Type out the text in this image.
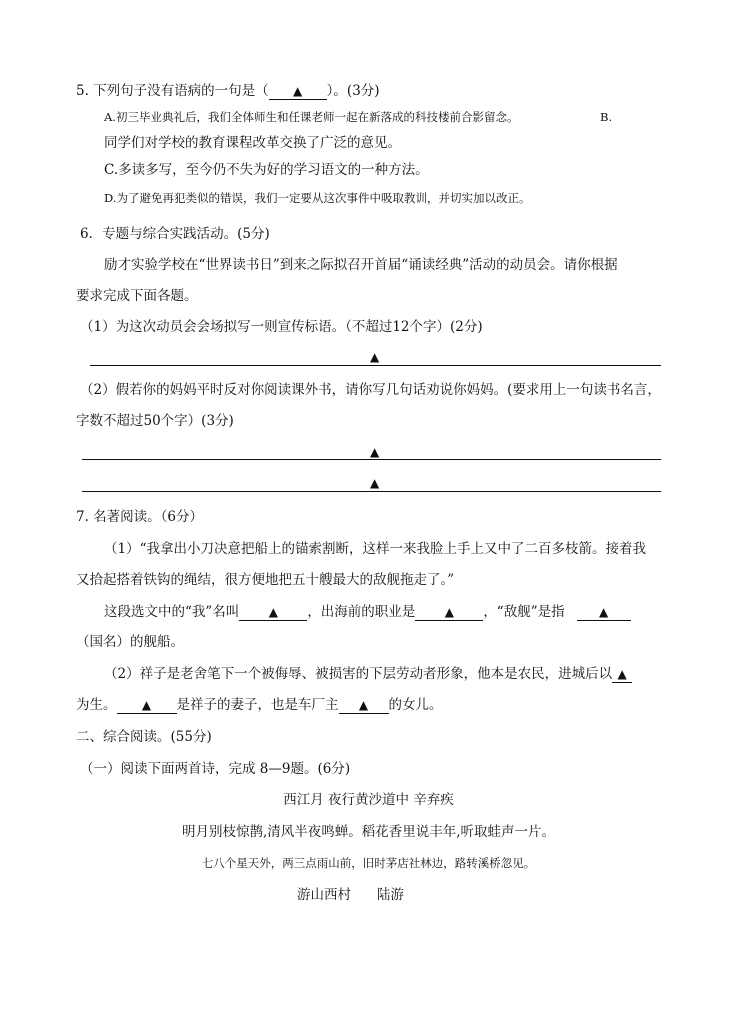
5. 下列句子没有语病的一句是（ ▲ ）。(3分)
A.初三毕业典礼后，我们全体师生和任课老师一起在新落成的科技楼前合影留念。	B.
同学们对学校的教育课程改革交换了广泛的意见。
C.多读多写，至今仍不失为好的学习语文的一种方法。
D.为了避免再犯类似的错误，我们一定要从这次事件中吸取教训，并切实加以改正。
6．专题与综合实践活动。(5分)
励才实验学校在“世界读书日”到来之际拟召开首届“诵读经典”活动的动员会。请你根据
要求完成下面各题。
（1）为这次动员会会场拟写一则宣传标语。（不超过12个字）(2分)
▲
（2）假若你的妈妈平时反对你阅读课外书，请你写几句话劝说你妈妈。(要求用上一句读书名言，
字数不超过50个字）(3分)
▲
▲
7. 名著阅读。（6分）
（1）“我拿出小刀决意把船上的锚索割断，这样一来我脸上手上又中了二百多枝箭。接着我
又拾起搭着铁钩的绳结，很方便地把五十艘最大的敌舰拖走了。”
这段选文中的“我”名叫 ▲ ，出海前的职业是 ▲ ，“敌舰”是指	▲
（国名）的舰船。
（2）祥子是老舍笔下一个被侮辱、被损害的下层劳动者形象，他本是农民，进城后以 ▲
为生。 ▲ 是祥子的妻子，也是车厂主 ▲ 的女儿。
二、综合阅读。(55分)
（一）阅读下面两首诗，完成 8—9题。(6分)
西江月 夜行黄沙道中 辛弃疾
明月别枝惊鹊,清风半夜鸣蝉。稻花香里说丰年,听取蛙声一片。
七八个星天外，两三点雨山前，旧时茅店社林边，路转溪桥忽见。
游山西村 陆游
